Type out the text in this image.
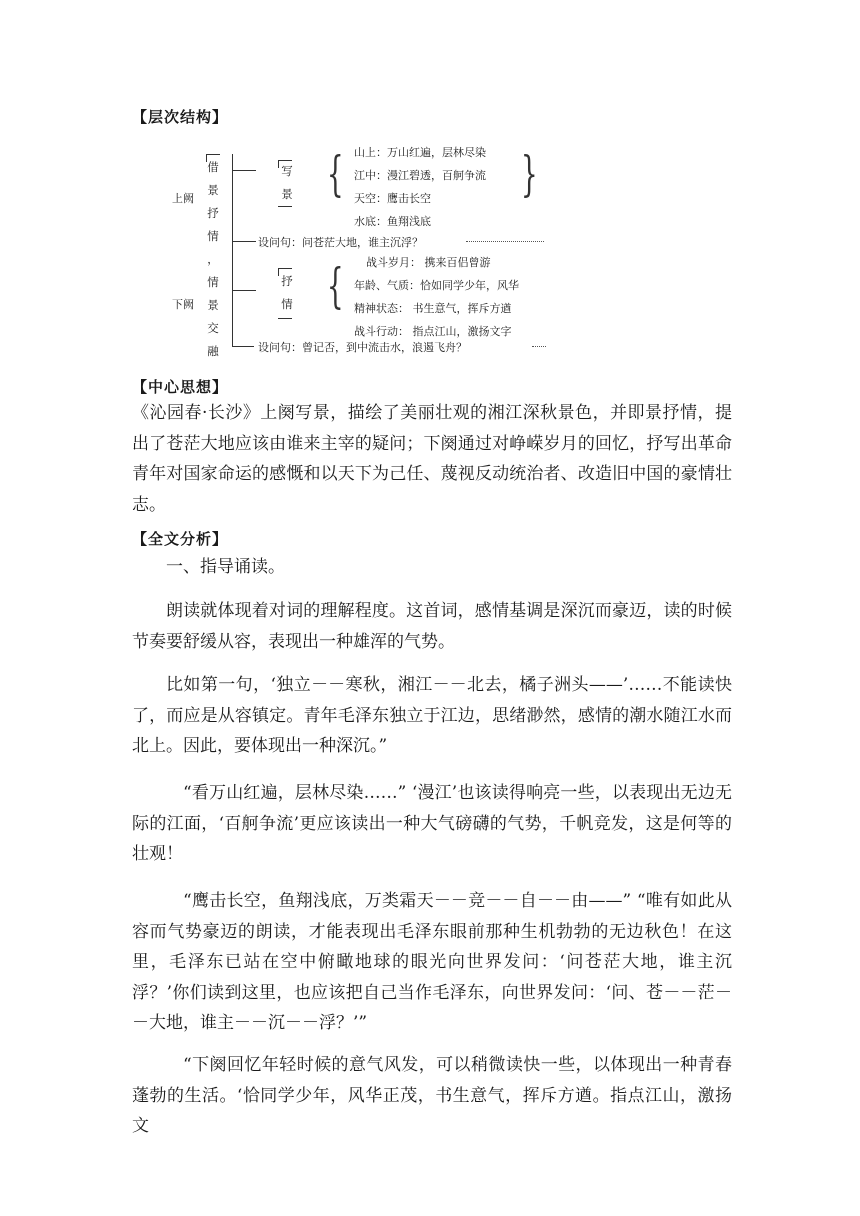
【层次结构】
上阙
下阙
借
景
抒
情
，
情
景
交
融
写
景 { 山上：万山红遍，层林尽染
江中：漫江碧透，百舸争流
天空：鹰击长空
水底：鱼翔浅底
}
设问句：问苍茫大地，谁主沉浮？
抒
情 { 战斗岁月： 携来百侣曾游
年龄、气质：恰如同学少年，风华
精神状态： 书生意气，挥斥方遒
战斗行动： 指点江山，激扬文字
设问句：曾记否，到中流击水，浪遏飞舟？
【中心思想】

《沁园春·长沙》上阕写景，描绘了美丽壮观的湘江深秋景色，并即景抒情，提出了苍茫大地应该由谁来主宰的疑问；下阕通过对峥嵘岁月的回忆，抒写出革命青年对国家命运的感慨和以天下为己任、蔑视反动统治者、改造旧中国的豪情壮志。

【全文分析】

一、指导诵读。

朗读就体现着对词的理解程度。这首词，感情基调是深沉而豪迈，读的时候节奏要舒缓从容，表现出一种雄浑的气势。

比如第一句，‘独立－－寒秋，湘江－－北去，橘子洲头——’……不能读快了，而应是从容镇定。青年毛泽东独立于江边，思绪渺然，感情的潮水随江水而北上。因此，要体现出一种深沉。”

“看万山红遍，层林尽染……” ‘漫江’也该读得响亮一些，以表现出无边无际的江面，‘百舸争流’更应该读出一种大气磅礴的气势，千帆竞发，这是何等的壮观！

“鹰击长空，鱼翔浅底，万类霜天－－竞－－自－－由——” “唯有如此从容而气势豪迈的朗读，才能表现出毛泽东眼前那种生机勃勃的无边秋色！在这里，毛泽东已站在空中俯瞰地球的眼光向世界发问：‘问苍茫大地，谁主沉浮？’你们读到这里，也应该把自己当作毛泽东，向世界发问：‘问、苍－－茫－－大地，谁主－－沉－－浮？’”

“下阕回忆年轻时候的意气风发，可以稍微读快一些，以体现出一种青春蓬勃的生活。‘恰同学少年，风华正茂，书生意气，挥斥方遒。指点江山，激扬文
